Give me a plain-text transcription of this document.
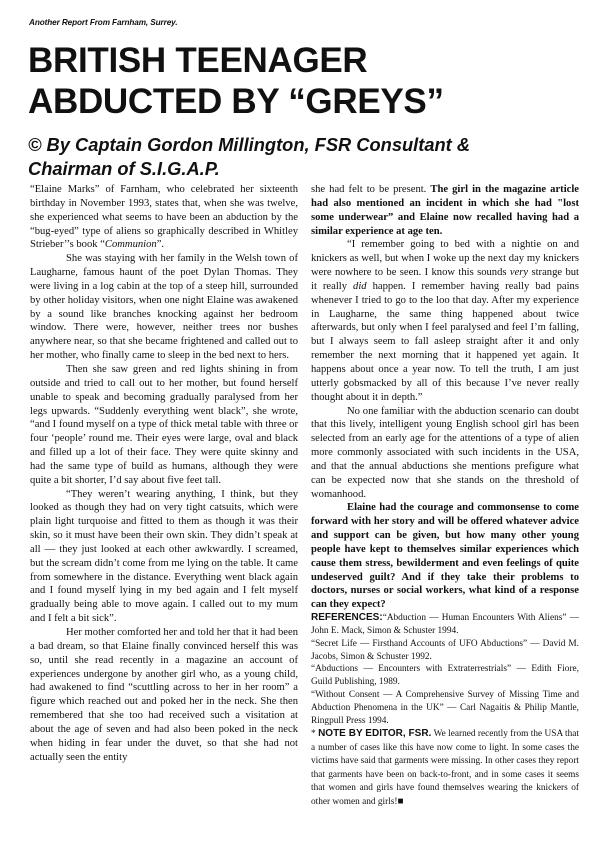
Another Report From Farnham, Surrey.
BRITISH TEENAGER
ABDUCTED BY “GREYS”
© By Captain Gordon Millington, FSR Consultant &
Chairman of S.I.G.A.P.

“Elaine Marks” of Farnham, who celebrated her sixteenth birthday in November 1993, states that, when she was twelve, she experienced what seems to have been an abduction by the “bug-eyed” type of aliens so graphically described in Whitley Strieber’’s book “Communion”.

She was staying with her family in the Welsh town of Laugharne, famous haunt of the poet Dylan Thomas. They were living in a log cabin at the top of a steep hill, surrounded by other holiday visitors, when one night Elaine was awakened by a sound like branches knocking against her bedroom window. There were, however, neither trees nor bushes anywhere near, so that she became frightened and called out to her mother, who finally came to sleep in the bed next to hers.

Then she saw green and red lights shining in from outside and tried to call out to her mother, but found herself unable to speak and becoming gradually paralysed from her legs upwards. “Suddenly everything went black”, she wrote, “and I found myself on a type of thick metal table with three or four ‘people’ round me. Their eyes were large, oval and black and filled up a lot of their face. They were quite skinny and had the same type of build as humans, although they were quite a bit shorter, I’d say about five feet tall.

“They weren’t wearing anything, I think, but they looked as though they had on very tight catsuits, which were plain light turquoise and fitted to them as though it was their skin, so it must have been their own skin. They didn’t speak at all — they just looked at each other awkwardly. I screamed, but the scream didn’t come from me lying on the table. It came from somewhere in the distance. Everything went black again and I found myself lying in my bed again and I felt myself gradually being able to move again. I called out to my mum and I felt a bit sick”.

Her mother comforted her and told her that it had been a bad dream, so that Elaine finally convinced herself this was so, until she read recently in a magazine an account of experiences undergone by another girl who, as a young child, had awakened to find “scuttling across to her in her room” a figure which reached out and poked her in the neck. She then remembered that she too had received such a visitation at about the age of seven and had also been poked in the neck when hiding in fear under the duvet, so that she had not actually seen the entity

she had felt to be present. The girl in the magazine article had also mentioned an incident in which she had "lost some underwearˮ and Elaine now recalled having had a similar experience at age ten.

“I remember going to bed with a nightie on and knickers as well, but when I woke up the next day my knickers were nowhere to be seen. I know this sounds very strange but it really did happen. I remember having really bad pains whenever I tried to go to the loo that day. After my experience in Laugharne, the same thing happened about twice afterwards, but only when I feel paralysed and feel I’m falling, but I always seem to fall asleep straight after it and only remember the next morning that it happened yet again. It happens about once a year now. To tell the truth, I am just utterly gobsmacked by all of this because I’ve never really thought about it in depth.”

No one familiar with the abduction scenario can doubt that this lively, intelligent young English school girl has been selected from an early age for the attentions of a type of alien more commonly associated with such incidents in the USA, and that the annual abductions she mentions prefigure what can be expected now that she stands on the threshold of womanhood.

Elaine had the courage and commonsense to come forward with her story and will be offered whatever advice and support can be given, but how many other young people have kept to themselves similar experiences which cause them stress, bewilderment and even feelings of quite undeserved guilt? And if they take their problems to doctors, nurses or social workers, what kind of a response can they expect?

REFERENCES:“Abduction — Human Encounters With Aliens” — John E. Mack, Simon & Schuster 1994.

“Secret Life — Firsthand Accounts of UFO Abductions” — David M. Jacobs, Simon & Schuster 1992.

“Abductions — Encounters with Extraterrestrials” — Edith Fiore, Guild Publishing, 1989.

“Without Consent — A Comprehensive Survey of Missing Time and Abduction Phenomena in the UK” — Carl Nagaitis & Philip Mantle, Ringpull Press 1994.

* NOTE BY EDITOR, FSR. We learned recently from the USA that a number of cases like this have now come to light. In some cases the victims have said that garments were missing. In other cases they report that garments have been on back-to-front, and in some cases it seems that women and girls have found themselves wearing the knickers of other women and girls!■
